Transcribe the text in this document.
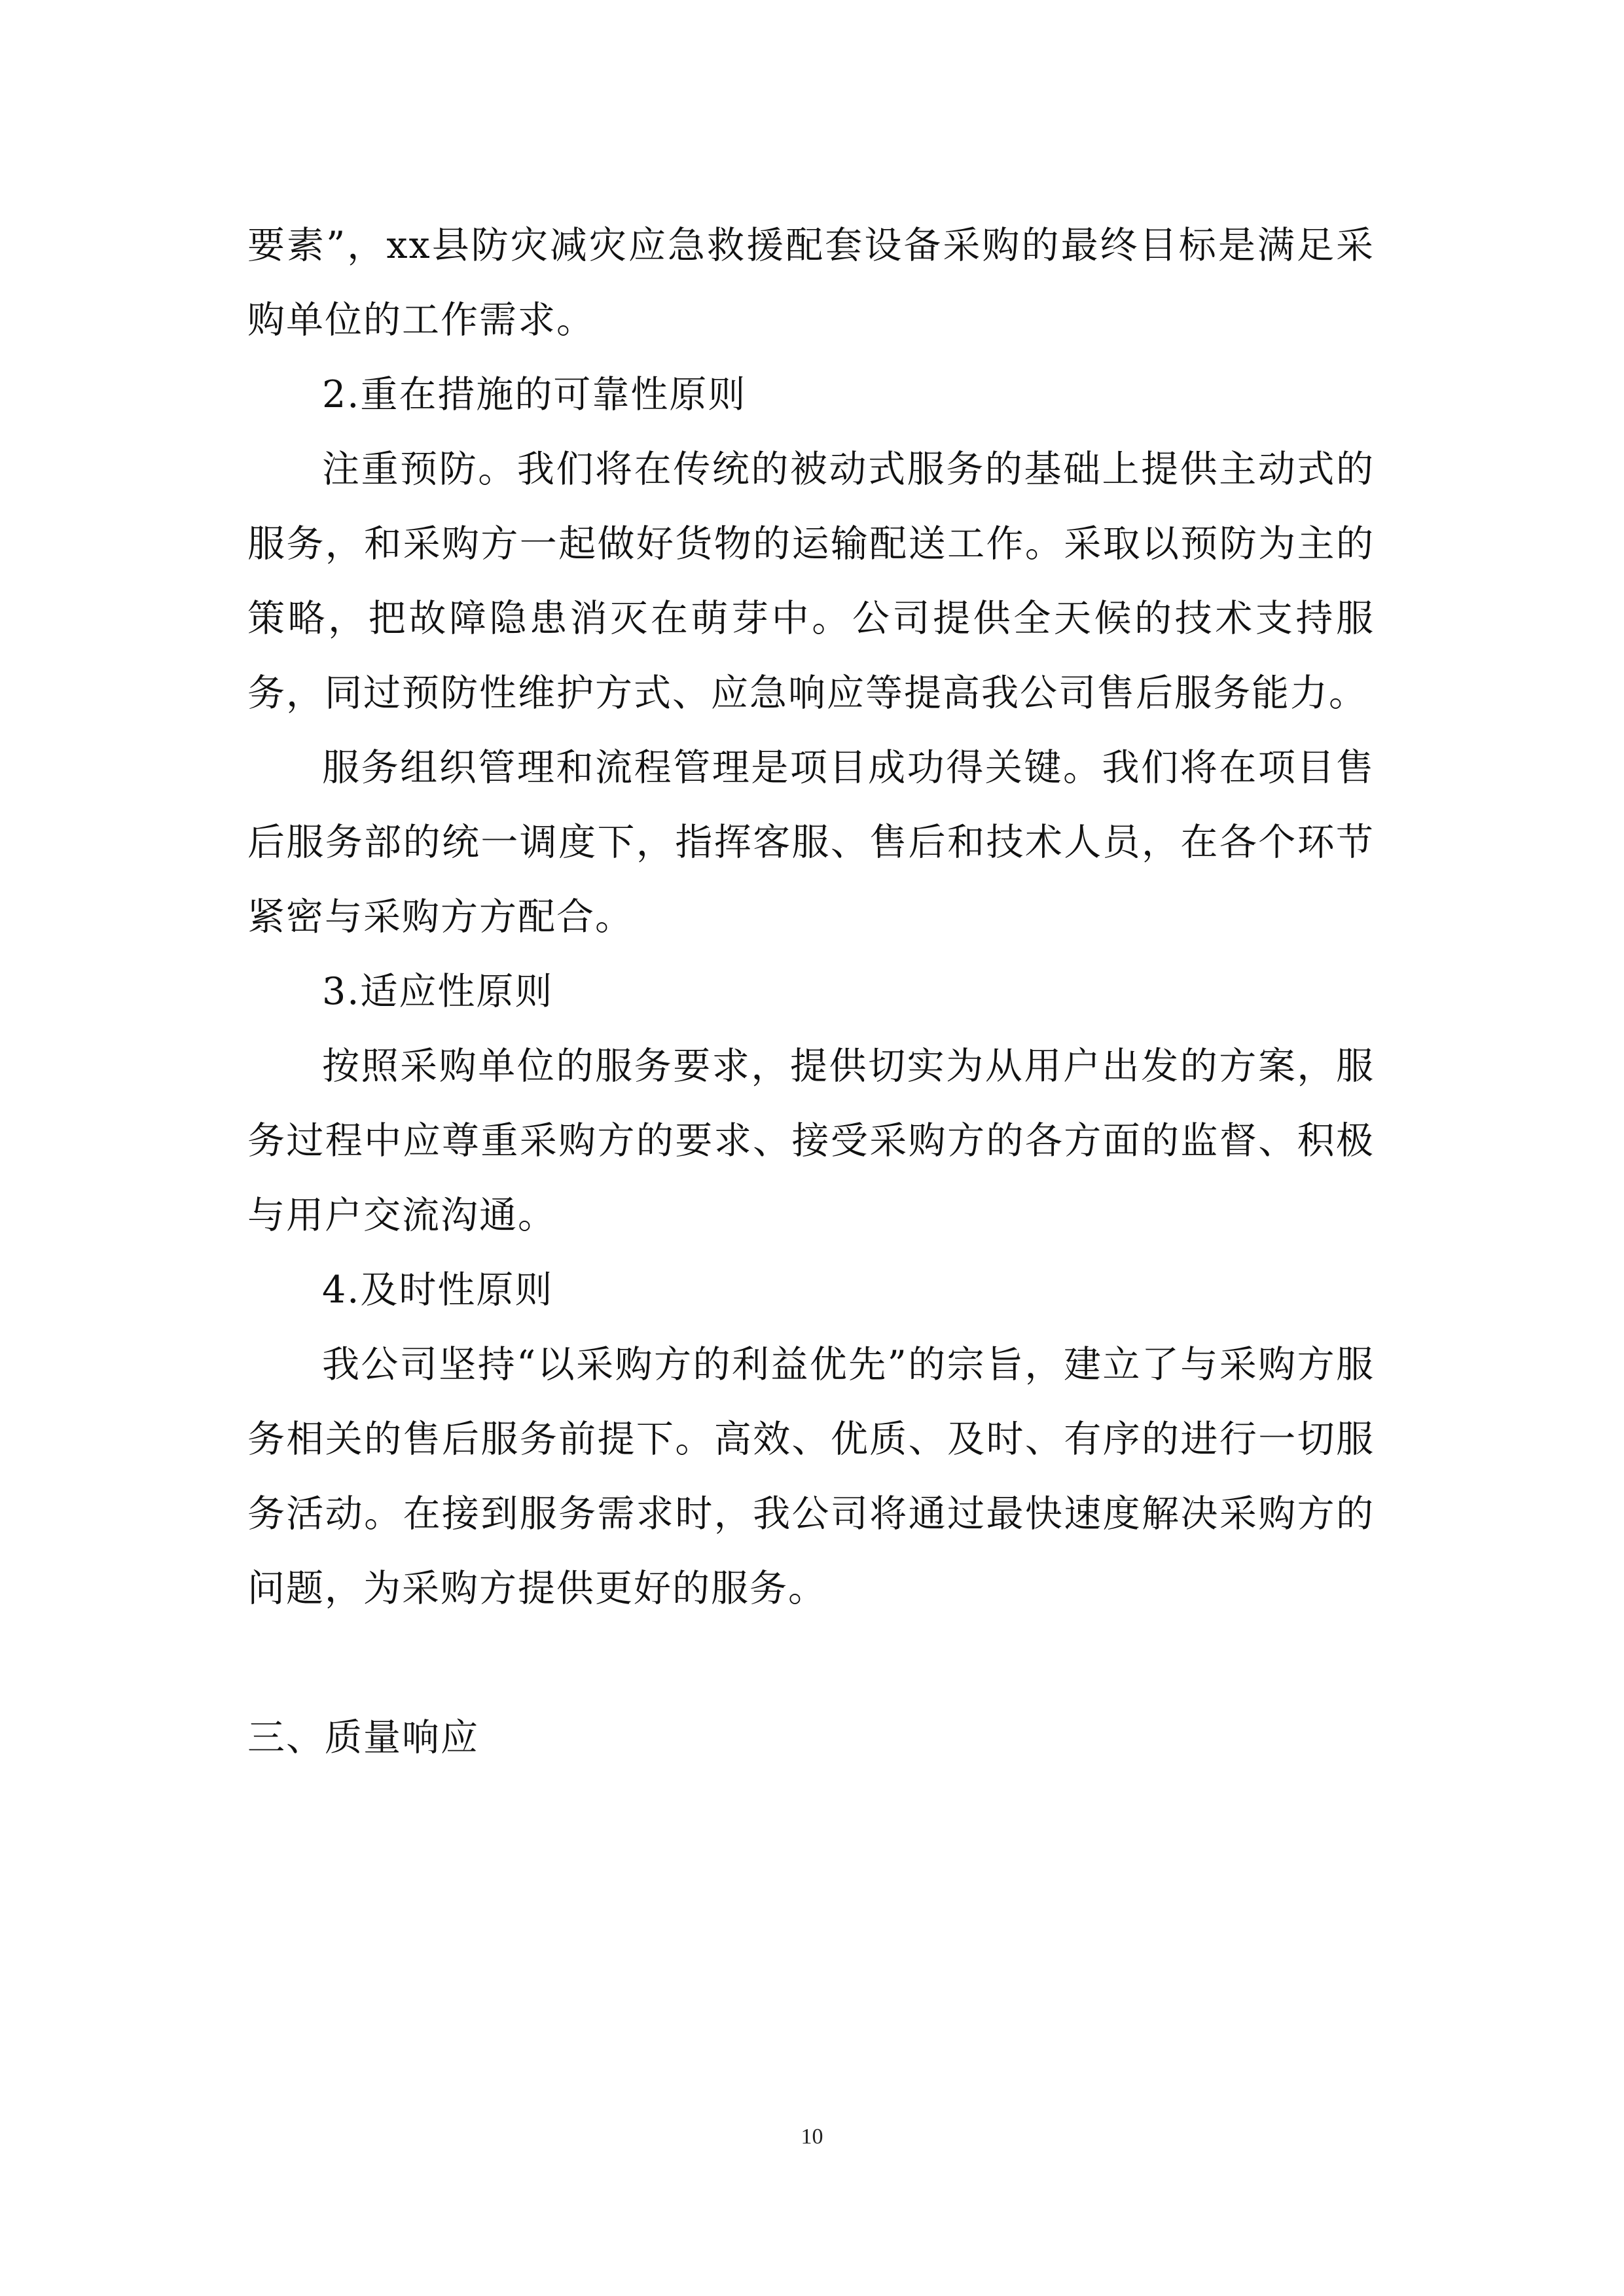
要素”，xx县防灾减灾应急救援配套设备采购的最终目标是满足采购单位的工作需求。

2.重在措施的可靠性原则

注重预防。我们将在传统的被动式服务的基础上提供主动式的服务，和采购方一起做好货物的运输配送工作。采取以预防为主的策略，把故障隐患消灭在萌芽中。公司提供全天候的技术支持服务，同过预防性维护方式、应急响应等提高我公司售后服务能力。

服务组织管理和流程管理是项目成功得关键。我们将在项目售后服务部的统一调度下，指挥客服、售后和技术人员，在各个环节紧密与采购方方配合。

3.适应性原则

按照采购单位的服务要求，提供切实为从用户出发的方案，服务过程中应尊重采购方的要求、接受采购方的各方面的监督、积极与用户交流沟通。

4.及时性原则

我公司坚持“以采购方的利益优先”的宗旨，建立了与采购方服务相关的售后服务前提下。高效、优质、及时、有序的进行一切服务活动。在接到服务需求时，我公司将通过最快速度解决采购方的问题，为采购方提供更好的服务。

三、质量响应

10
